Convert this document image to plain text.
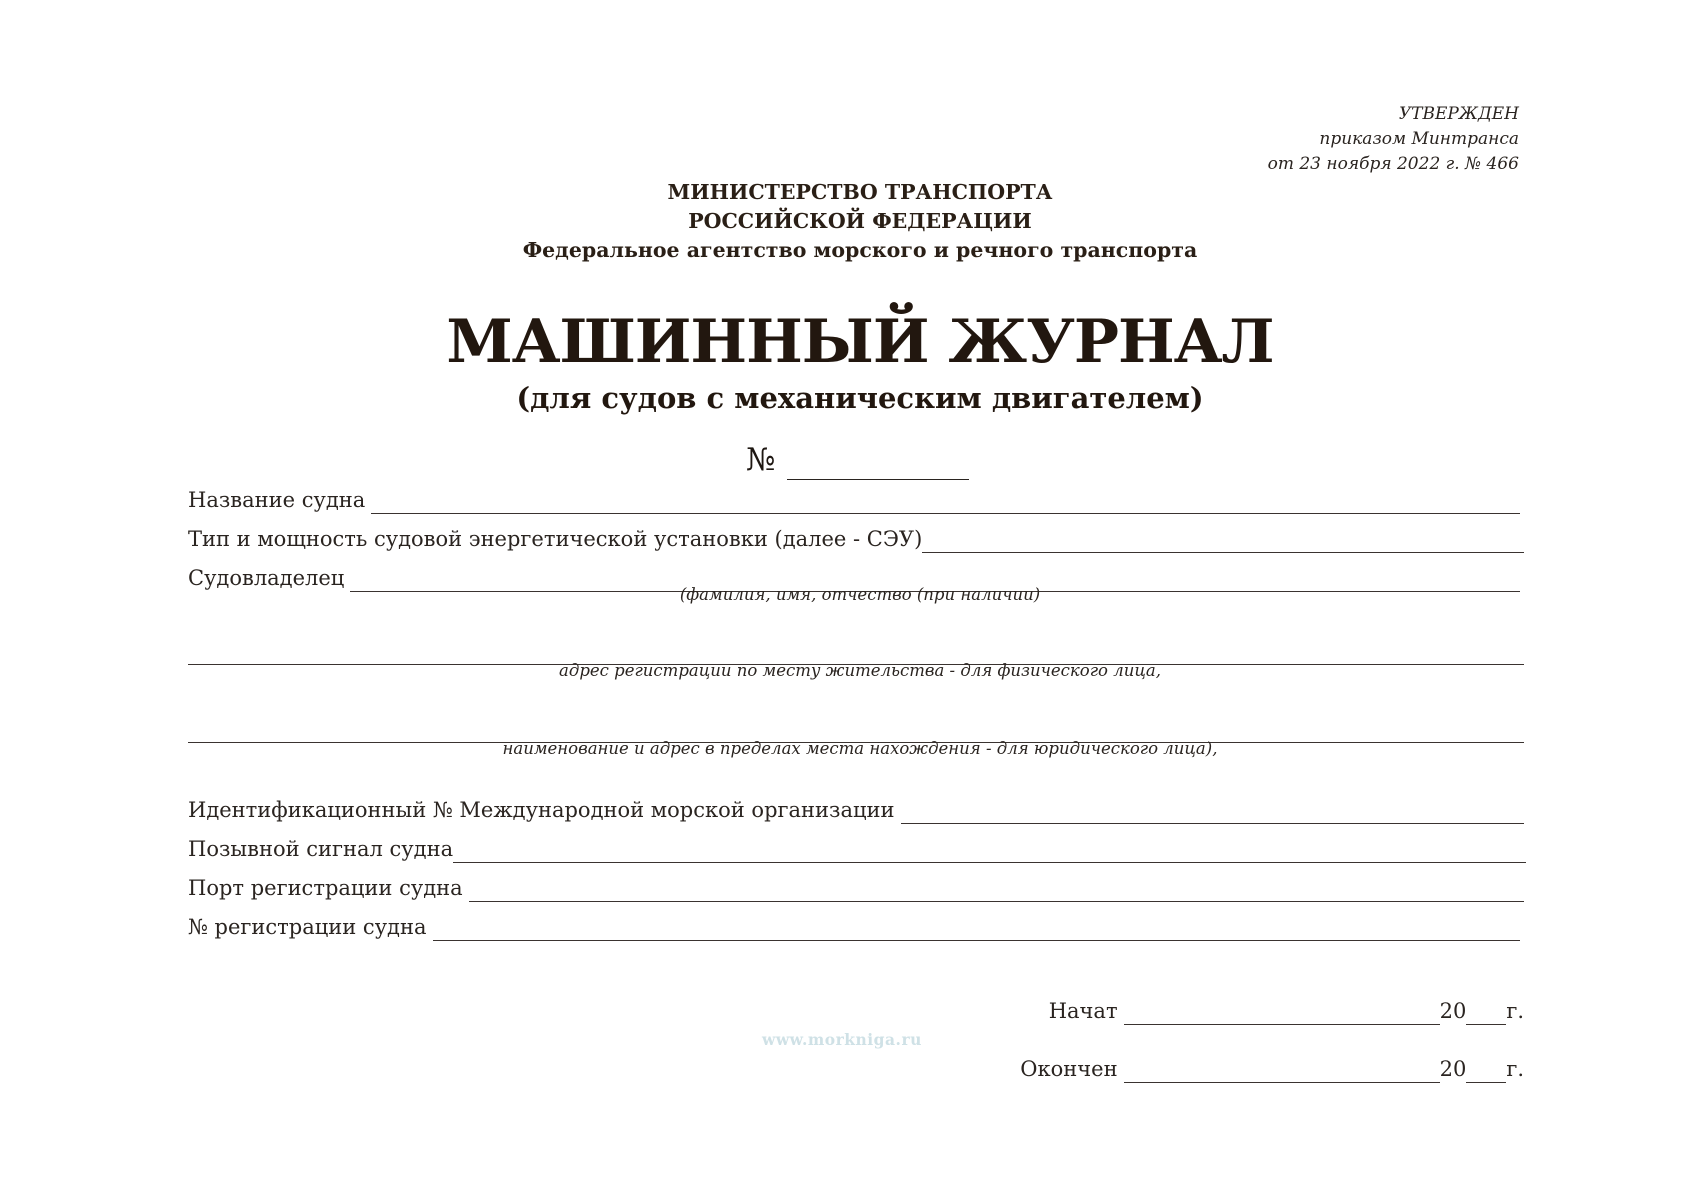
УТВЕРЖДЕН
приказом Минтранса
от 23 ноября 2022 г. № 466
МИНИСТЕРСТВО ТРАНСПОРТА
РОССИЙСКОЙ ФЕДЕРАЦИИ
Федеральное агентство морского и речного транспорта
МАШИННЫЙ ЖУРНАЛ
(для судов с механическим двигателем)
№
Название судна
Тип и мощность судовой энергетической установки (далее - СЭУ)
Судовладелец
(фамилия, имя, отчество (при наличии)
адрес регистрации по месту жительства - для физического лица,
наименование и адрес в пределах места нахождения - для юридического лица),
Идентификационный № Международной морской организации
Позывной сигнал судна
Порт регистрации судна
№ регистрации судна
Начат	20 г.
www.morkniga.ru
Окончен	20 г.
